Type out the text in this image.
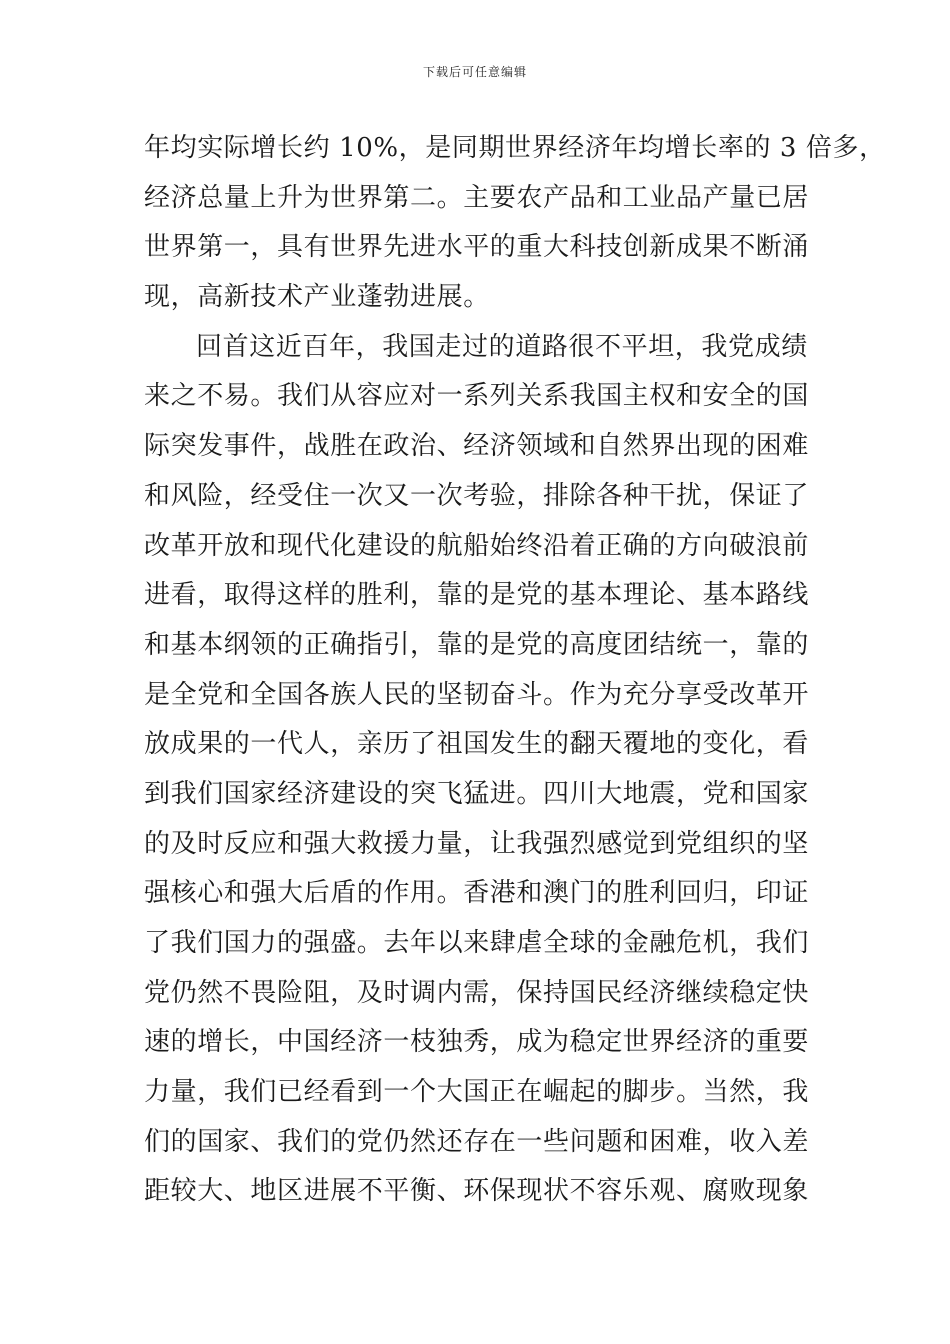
下载后可任意编辑
年均实际增长约 10%，是同期世界经济年均增长率的 3 倍多，
经济总量上升为世界第二。主要农产品和工业品产量已居
世界第一，具有世界先进水平的重大科技创新成果不断涌
现，高新技术产业蓬勃进展。
回首这近百年，我国走过的道路很不平坦，我党成绩
来之不易。我们从容应对一系列关系我国主权和安全的国
际突发事件，战胜在政治、经济领域和自然界出现的困难
和风险，经受住一次又一次考验，排除各种干扰，保证了
改革开放和现代化建设的航船始终沿着正确的方向破浪前
进看，取得这样的胜利，靠的是党的基本理论、基本路线
和基本纲领的正确指引，靠的是党的高度团结统一，靠的
是全党和全国各族人民的坚韧奋斗。作为充分享受改革开
放成果的一代人，亲历了祖国发生的翻天覆地的变化，看
到我们国家经济建设的突飞猛进。四川大地震，党和国家
的及时反应和强大救援力量，让我强烈感觉到党组织的坚
强核心和强大后盾的作用。香港和澳门的胜利回归，印证
了我们国力的强盛。去年以来肆虐全球的金融危机，我们
党仍然不畏险阻，及时调内需，保持国民经济继续稳定快
速的增长，中国经济一枝独秀，成为稳定世界经济的重要
力量，我们已经看到一个大国正在崛起的脚步。当然，我
们的国家、我们的党仍然还存在一些问题和困难，收入差
距较大、地区进展不平衡、环保现状不容乐观、腐败现象
